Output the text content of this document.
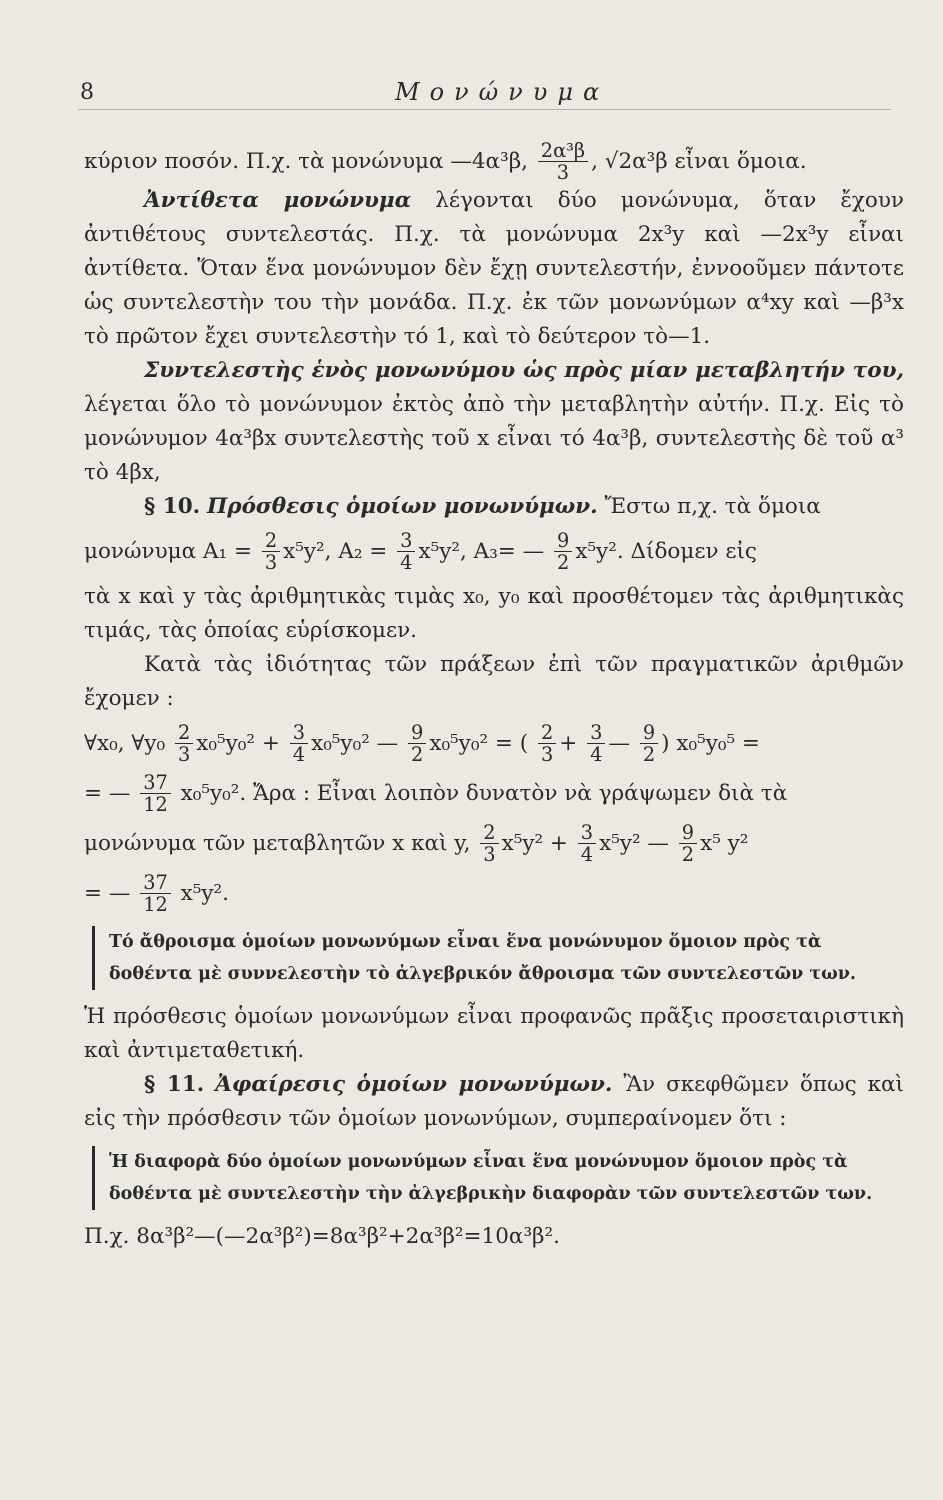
8	Μονώνυμα

κύριον ποσόν. Π.χ. τὰ μονώνυμα —4α³β, $\frac{\text{2α³β}}{3}$ , √2α³β εἶναι ὅμοια.

Ἀντίθετα μονώνυμα λέγονται δύο μονώνυμα, ὅταν ἔχουν ἀντιθέτους συντελεστάς. Π.χ. τὰ μονώνυμα 2x³y καὶ —2x³y εἶναι ἀντίθετα. Ὅταν ἕνα μονώνυμον δὲν ἔχῃ συντελεστήν, ἐννοοῦμεν πάντοτε ὡς συντελεστὴν του τὴν μονάδα. Π.χ. ἐκ τῶν μονωνύμων α⁴xy καὶ —β³x τὸ πρῶτον ἔχει συντελεστὴν τό 1, καὶ τὸ δεύτερον τὸ—1.

Συντελεστὴς ἑνὸς μονωνύμου ὡς πρὸς μίαν μεταβλητήν του, λέγεται ὅλο τὸ μονώνυμον ἐκτὸς ἀπὸ τὴν μεταβλητὴν αὐτήν. Π.χ. Εἰς τὸ μονώνυμον 4α³βx συντελεστὴς τοῦ x εἶναι τό 4α³β, συντελεστὴς δὲ τοῦ α³ τὸ 4βx,

§ 10. Πρόσθεσις ὁμοίων μονωνύμων. Ἔστω π,χ. τὰ ὅμοια

μονώνυμα $A_1 = \frac{2}{3} x^5y^2$, $A_2 = \frac{3}{4} x^5y^2$, A₃= — $\frac{9}{2} x^5y^2$. Δίδομεν εἰς

τὰ x καὶ y τὰς ἀριθμητικὰς τιμὰς x₀, y₀ καὶ προσθέτομεν τὰς ἀριθμητικὰς τιμάς, τὰς ὁποίας εὑρίσκομεν.

Κατὰ τὰς ἰδιότητας τῶν πράξεων ἐπὶ τῶν πραγματικῶν ἀριθμῶν ἔχομεν :

∀x₀, ∀y₀ $\frac{2}{3} x_0^5y_0^2 + \frac{3}{4} x_0^5y_0^2$ — $\frac{9}{2} x_0^5y_0^2$ = ( $\frac{2}{3} + \frac{3}{4}$ — $\frac{9}{2}$ ) x₀⁵y₀⁵ =

= — $\frac{37}{12} x_0^5y_0^2$. Ἄρα : Εἶναι λοιπὸν δυνατὸν νὰ γράψωμεν διὰ τὰ

μονώνυμα τῶν μεταβλητῶν x καὶ y, $\frac{2}{3} x^5y^2 + \frac{3}{4} x^5y^2$ — $\frac{9}{2} x^5$ y²

= — $\frac{37}{12} x^5y^2$.

Τό ἄθροισμα ὁμοίων μονωνύμων εἶναι ἕνα μονώνυμον ὅμοιον πρὸς τὰ δοθέντα μὲ συννελεστὴν τὸ ἀλγεβρικόν ἄθροισμα τῶν συντελεστῶν των.

Ἡ πρόσθεσις ὁμοίων μονωνύμων εἶναι προφανῶς πρᾶξις προσεταιριστικὴ καὶ ἀντιμεταθετική.

§ 11. Ἀφαίρεσις ὁμοίων μονωνύμων. Ἂν σκεφθῶμεν ὅπως καὶ εἰς τὴν πρόσθεσιν τῶν ὁμοίων μονωνύμων, συμπεραίνομεν ὅτι :

Ἡ διαφορὰ δύο ὁμοίων μονωνύμων εἶναι ἕνα μονώνυμον ὅμοιον πρὸς τὰ δοθέντα μὲ συντελεστὴν τὴν ἀλγεβρικὴν διαφορὰν τῶν συντελεστῶν των.

Π.χ. 8α³β²—(—2α³β²)=8α³β²+2α³β²=10α³β².
